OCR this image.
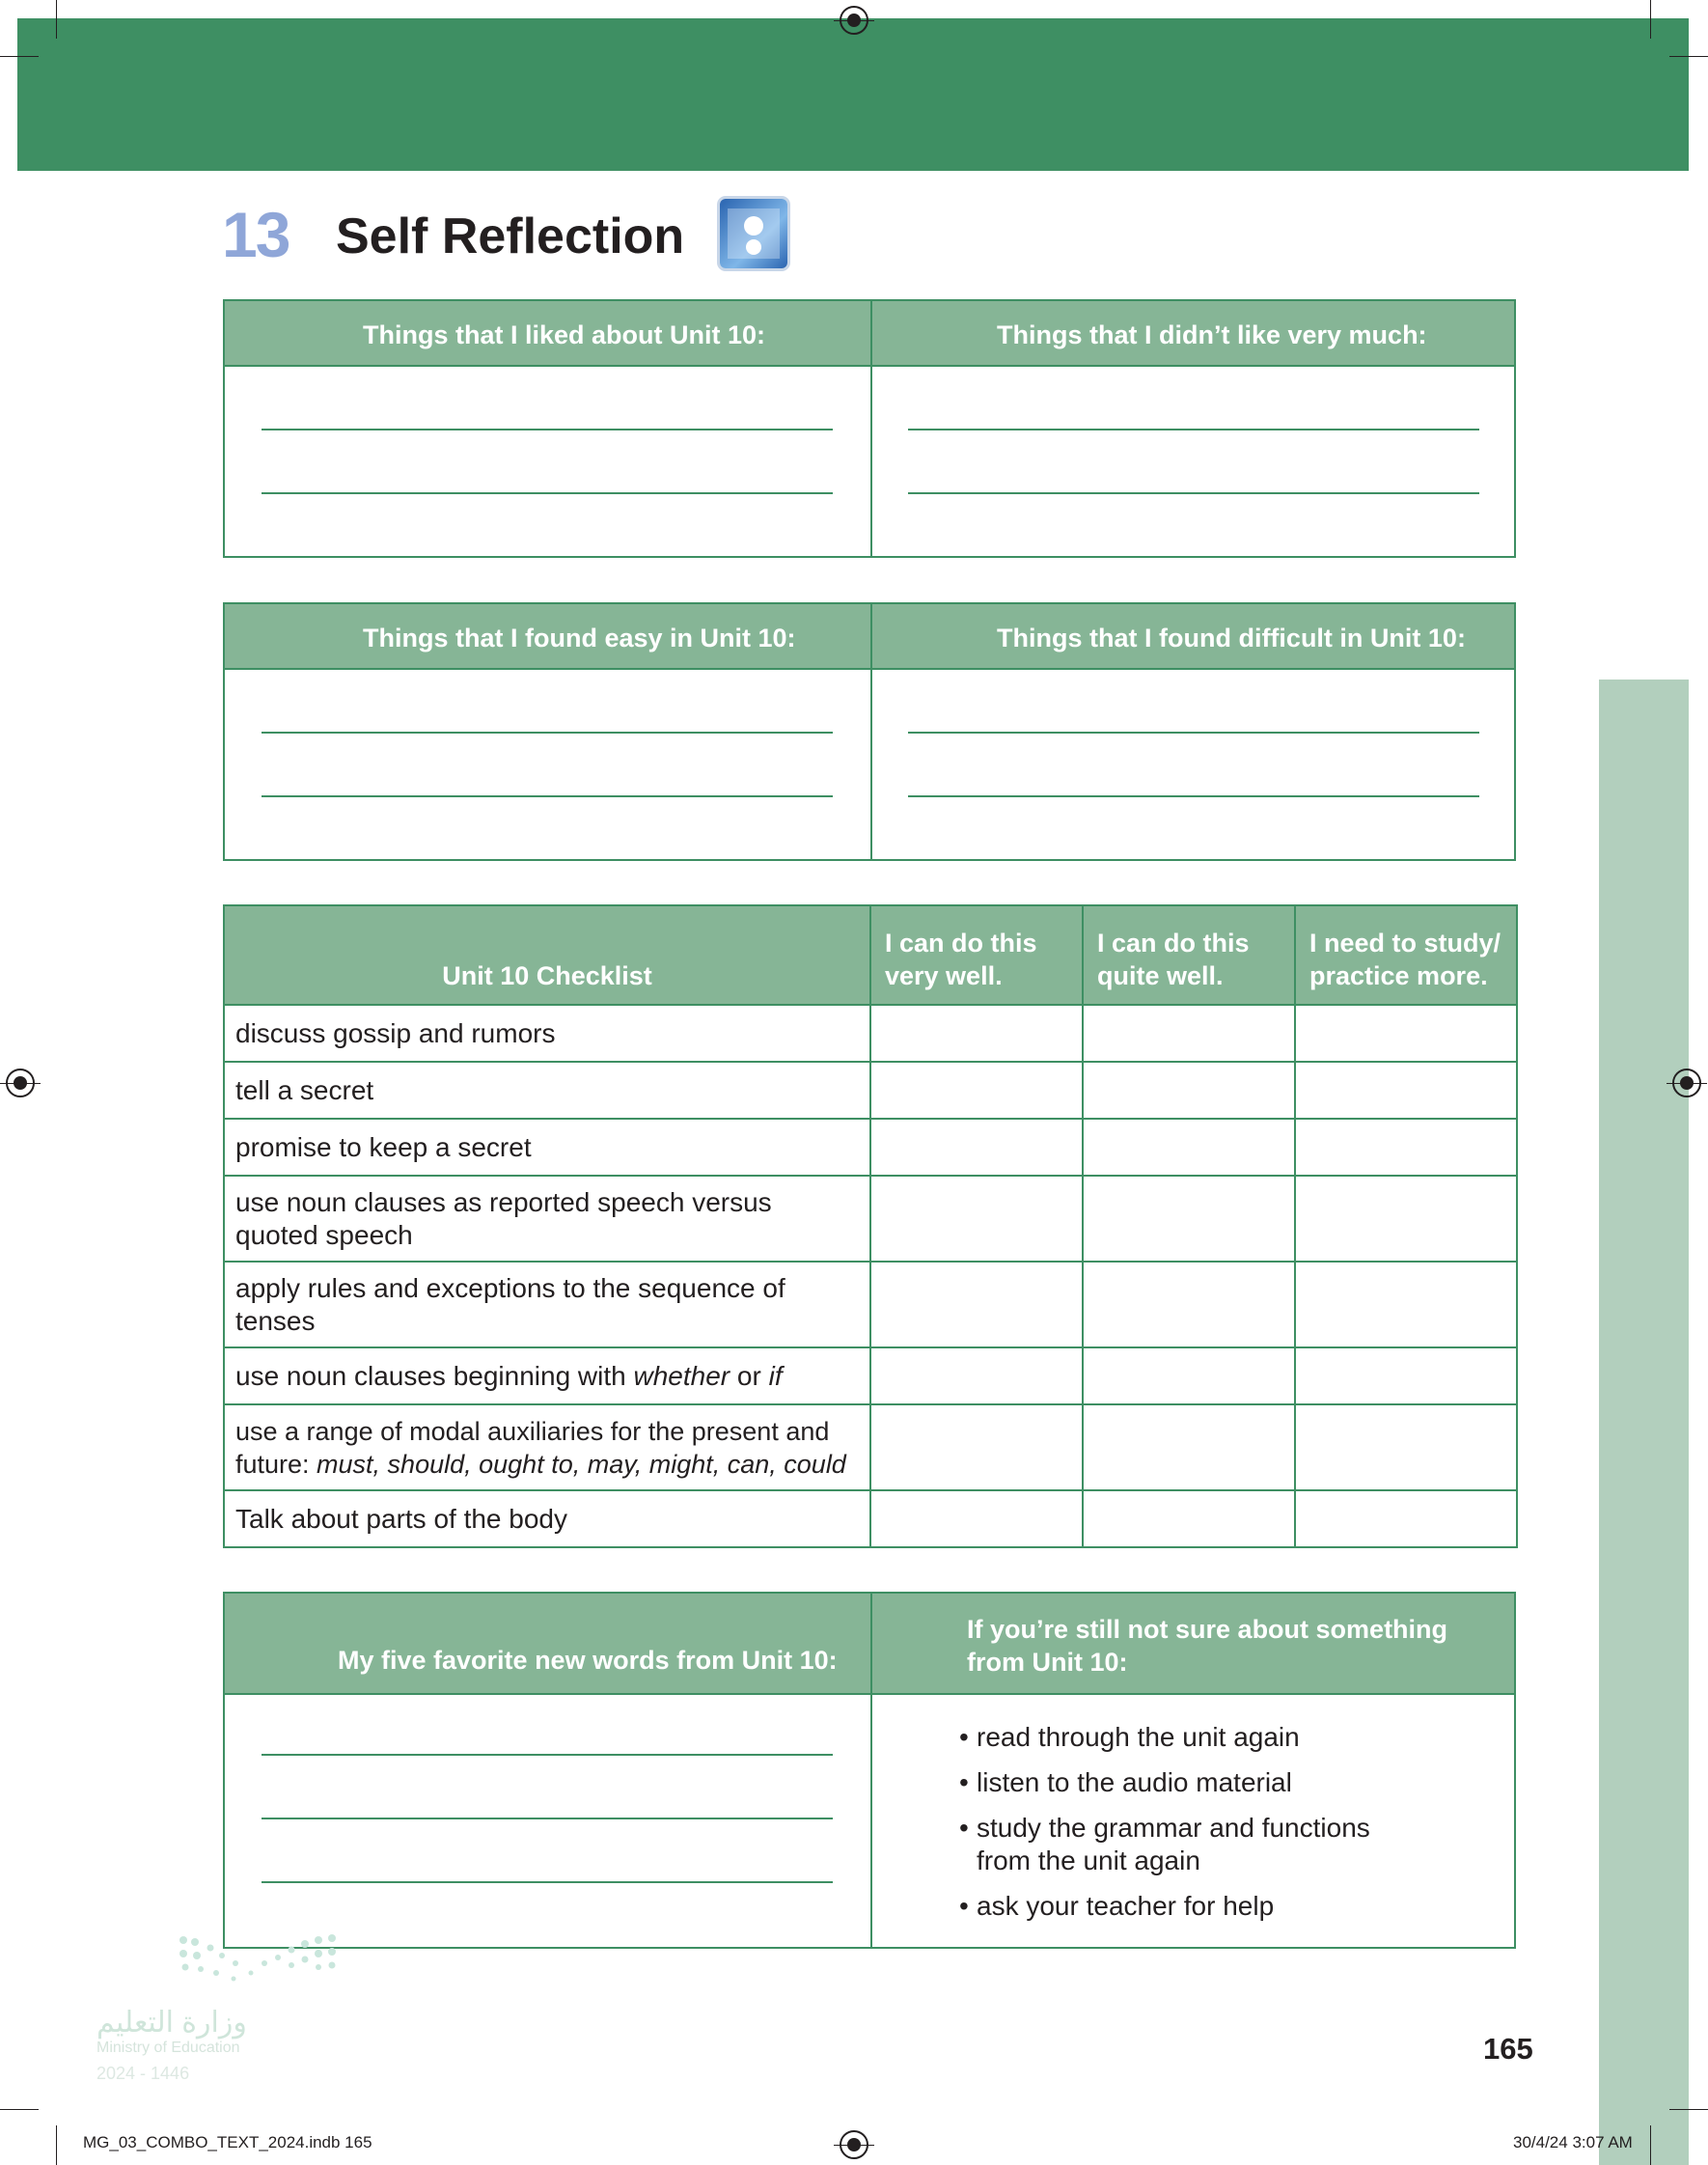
13 Self Reflection
Things that I liked about Unit 10:	Things that I didn’t like very much:
Things that I found easy in Unit 10:	Things that I found difficult in Unit 10:
Unit 10 Checklist	I can do this very well.	I can do this quite well.	I need to study/ practice more.
discuss gossip and rumors			
tell a secret			
promise to keep a secret			
use noun clauses as reported speech versus quoted speech			
apply rules and exceptions to the sequence of tenses			
use noun clauses beginning with whether or if			
use a range of modal auxiliaries for the present and future: must, should, ought to, may, might, can, could			
Talk about parts of the body			
My five favorite new words from Unit 10:
If you’re still not sure about something from Unit 10:
• read through the unit again
• listen to the audio material
• study the grammar and functions from the unit again
• ask your teacher for help
وزارة التعليم
Ministry of Education
2024 - 1446
165
MG_03_COMBO_TEXT_2024.indb 165	30/4/24 3:07 AM
